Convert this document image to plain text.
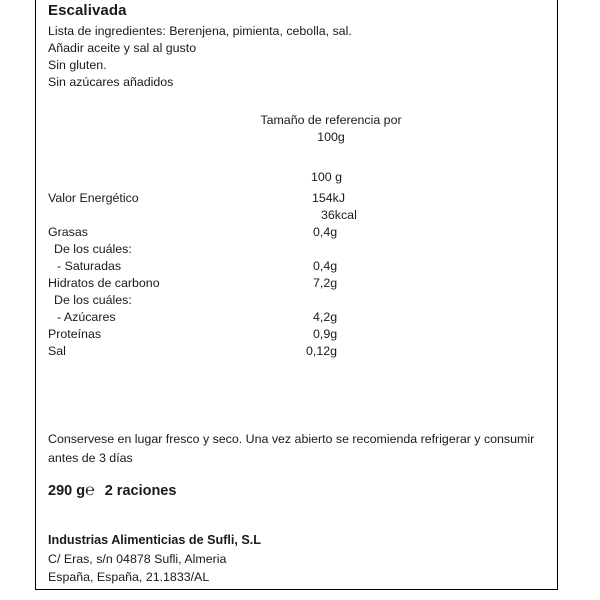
Escalivada
Lista de ingredientes: Berenjena, pimienta, cebolla, sal.
Añadir aceite y sal al gusto
Sin gluten.
Sin azúcares añadidos
Tamaño de referencia por
100g
100 g
Valor Energético	154kJ
36kcal
Grasas	0,4g
De los cuáles:
- Saturadas	0,4g
Hidratos de carbono	7,2g
De los cuáles:
- Azúcares	4,2g
Proteínas	0,9g
Sal	0,12g
Conservese en lugar fresco y seco. Una vez abierto se recomienda refrigerar y consumir antes de 3 días
290 g℮ 2 raciones
Industrias Alimenticias de Sufli, S.L
C/ Eras, s/n 04878 Sufli, Almeria
España, España, 21.1833/AL
